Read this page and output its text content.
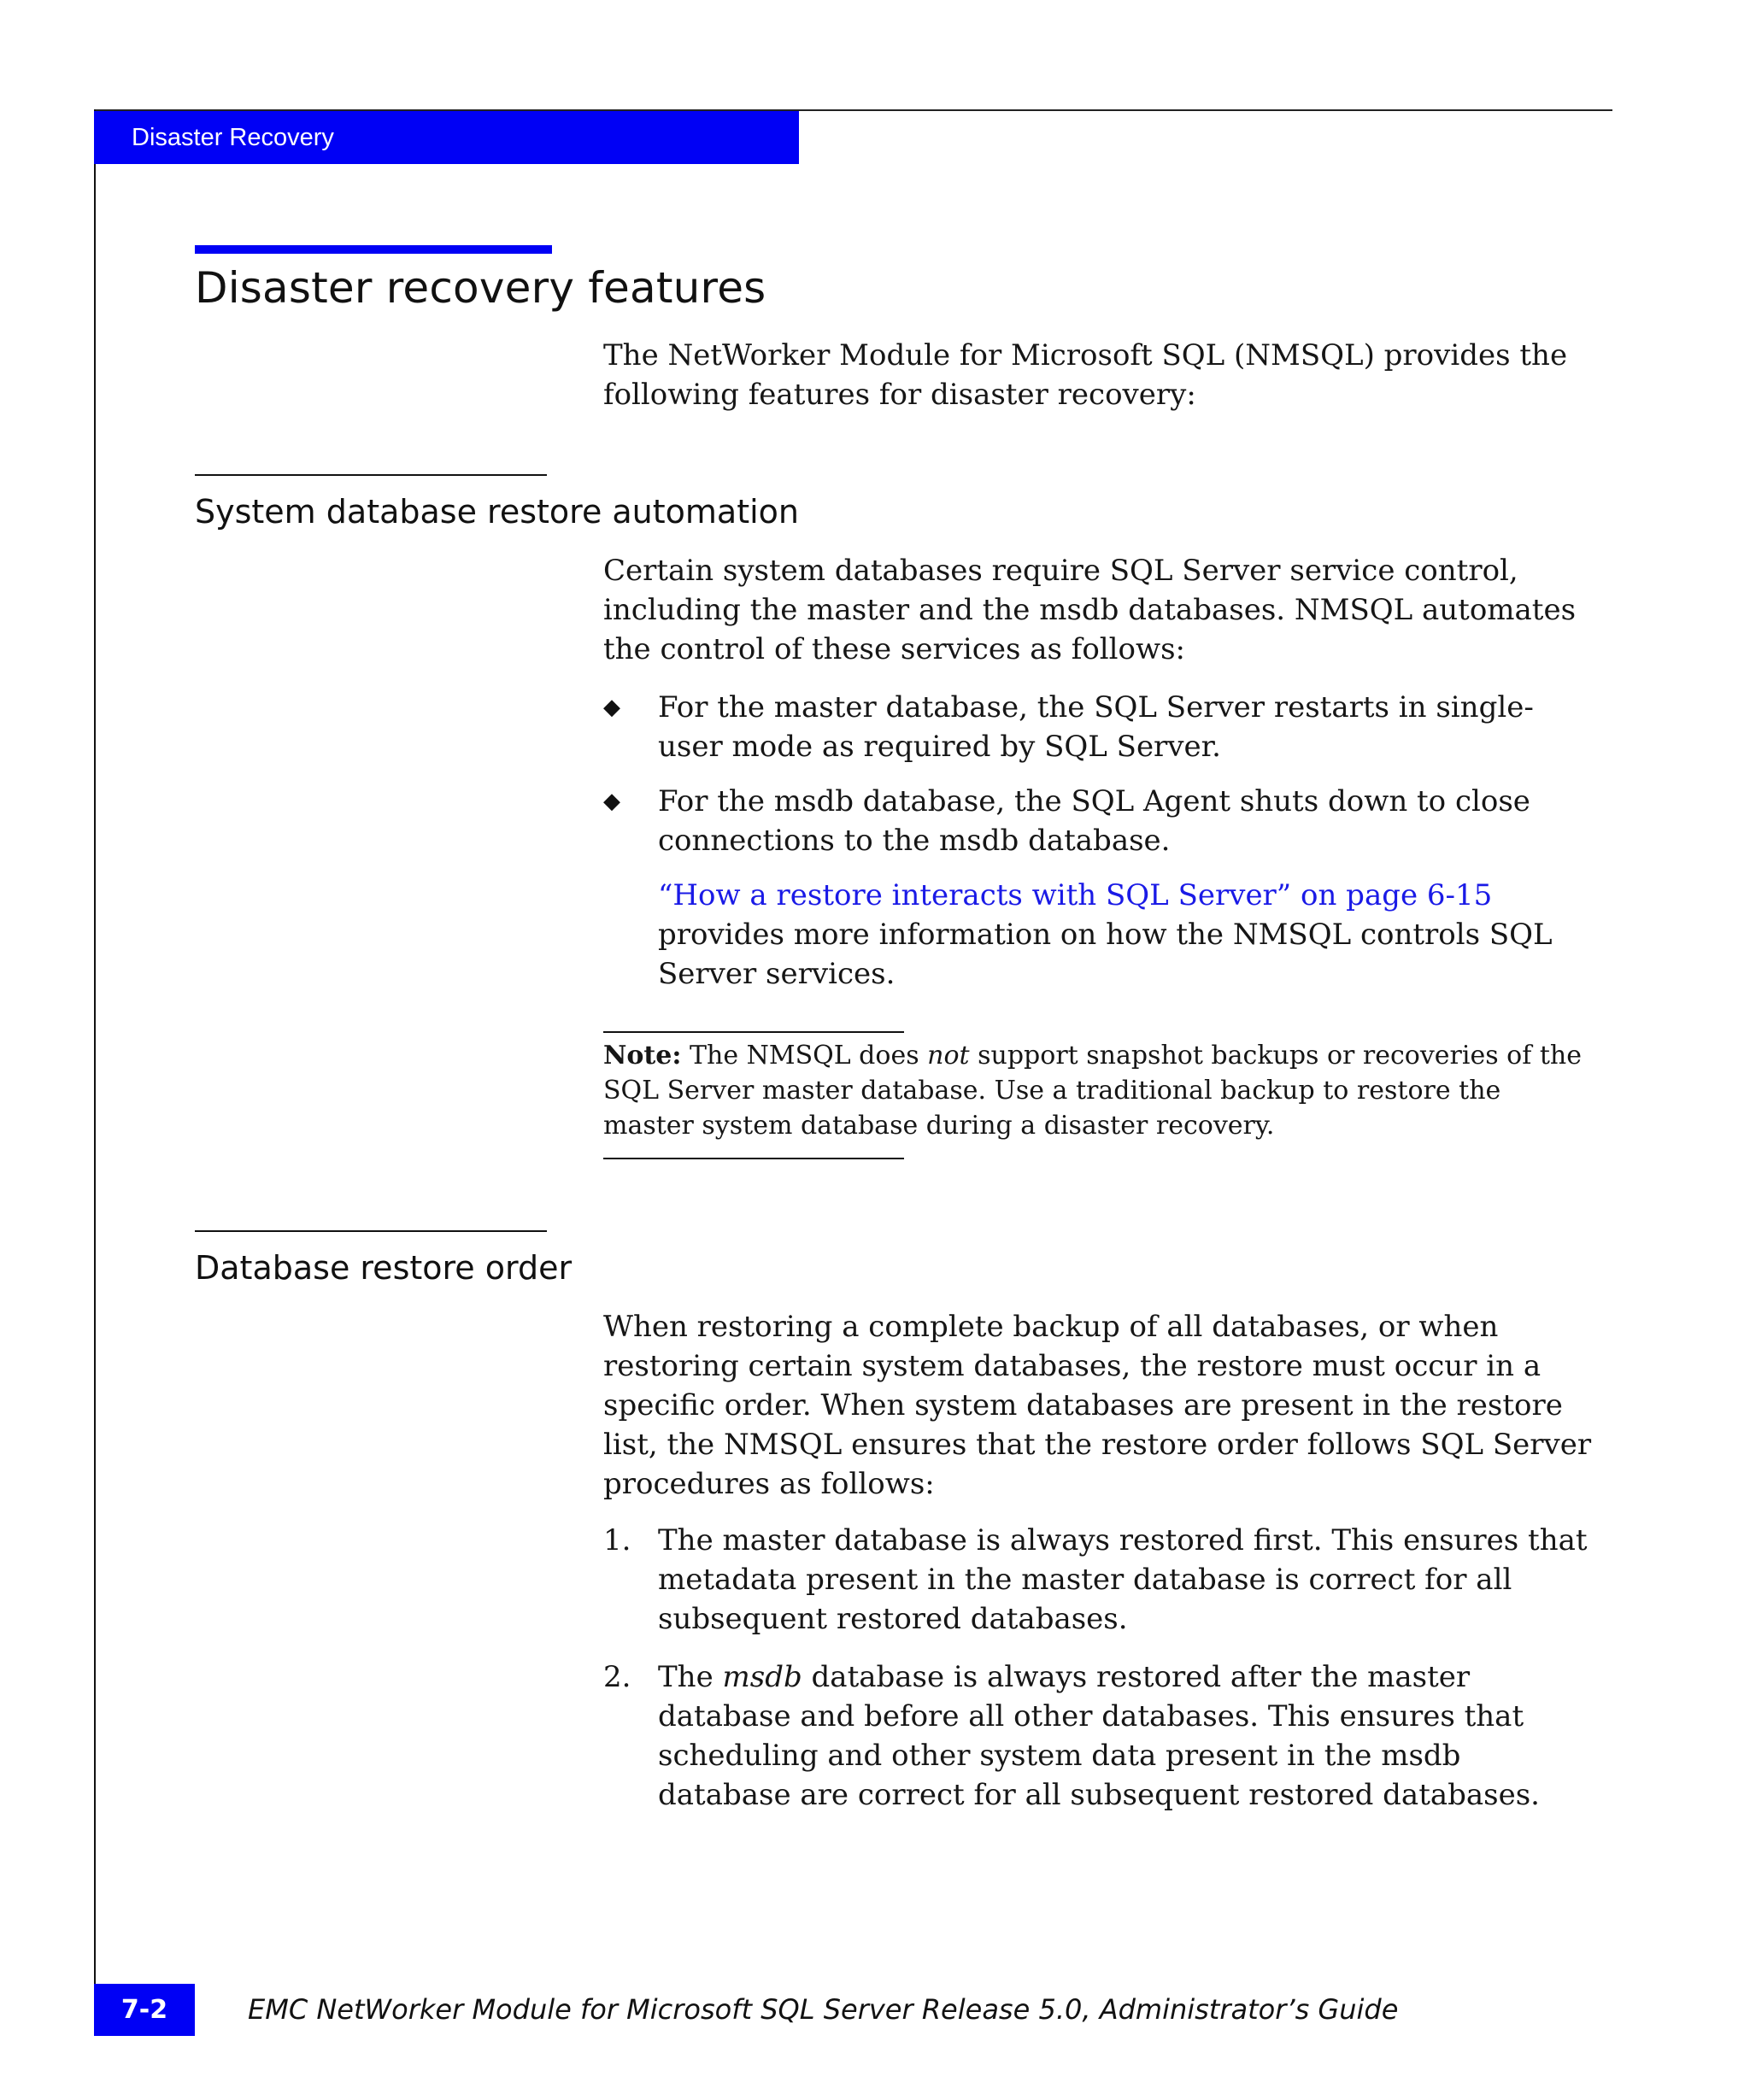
Disaster Recovery
Disaster recovery features

The NetWorker Module for Microsoft SQL (NMSQL) provides the following features for disaster recovery:

System database restore automation

Certain system databases require SQL Server service control, including the master and the msdb databases. NMSQL automates the control of these services as follows:

◆	For the master database, the SQL Server restarts in single-user mode as required by SQL Server.

◆	For the msdb database, the SQL Agent shuts down to close connections to the msdb database.

“How a restore interacts with SQL Server” on page 6-15 provides more information on how the NMSQL controls SQL Server services.

Note: The NMSQL does not support snapshot backups or recoveries of the SQL Server master database. Use a traditional backup to restore the master system database during a disaster recovery.

Database restore order

When restoring a complete backup of all databases, or when restoring certain system databases, the restore must occur in a specific order. When system databases are present in the restore list, the NMSQL ensures that the restore order follows SQL Server procedures as follows:

1. The master database is always restored first. This ensures that metadata present in the master database is correct for all subsequent restored databases.

2. The msdb database is always restored after the master database and before all other databases. This ensures that scheduling and other system data present in the msdb database are correct for all subsequent restored databases.

7-2	EMC NetWorker Module for Microsoft SQL Server Release 5.0, Administrator’s Guide
